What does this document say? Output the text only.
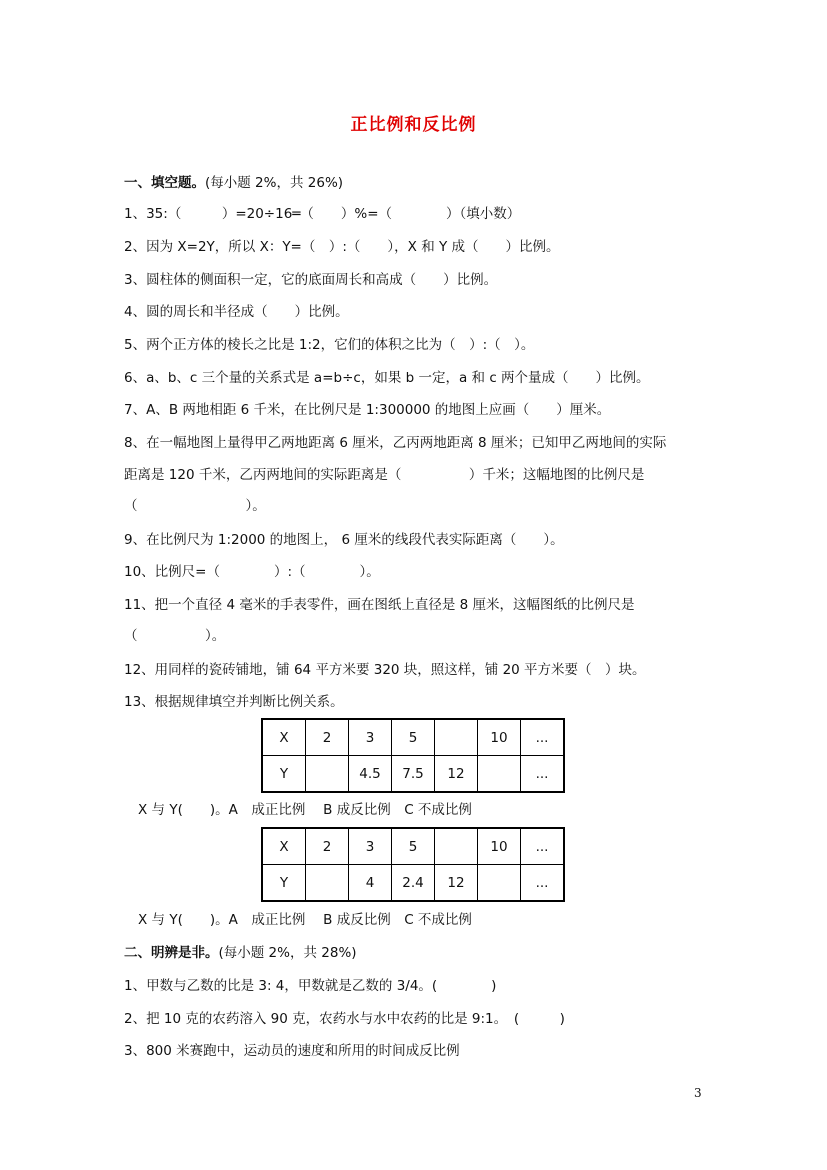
正比例和反比例
一、填空题。(每小题 2%，共 26%)
1、35:（　　　）=20÷16═（　　）%=（　　　　）（填小数）
2、因为 X=2Y，所以 X：Y=（　）:（　　），X 和 Y 成（　　）比例。
3、圆柱体的侧面积一定，它的底面周长和高成（　　）比例。
4、圆的周长和半径成（　　）比例。
5、两个正方体的棱长之比是 1:2，它们的体积之比为（　）:（　）。
6、a、b、c 三个量的关系式是 a=b÷c，如果 b 一定，a 和 c 两个量成（　　）比例。
7、A、B 两地相距 6 千米，在比例尺是 1:300000 的地图上应画（　　）厘米。
8、在一幅地图上量得甲乙两地距离 6 厘米，乙丙两地距离 8 厘米；已知甲乙两地间的实际
距离是 120 千米，乙丙两地间的实际距离是（　　　　　）千米；这幅地图的比例尺是
（　　　　　　　　）。
9、在比例尺为 1:2000 的地图上， 6 厘米的线段代表实际距离（　　）。
10、比例尺=（　　　　）:（　　　　）。
11、把一个直径 4 毫米的手表零件，画在图纸上直径是 8 厘米，这幅图纸的比例尺是
（　　　　　）。
12、用同样的瓷砖铺地，铺 64 平方米要 320 块，照这样，铺 20 平方米要（　）块。
13、根据规律填空并判断比例关系。
X	2	3	5		10	...
Y		4.5	7.5	12		...
X 与 Y(　　)。A　成正比例　 B 成反比例　C 不成比例
X	2	3	5		10	...
Y		4	2.4	12		...
X 与 Y(　　)。A　成正比例　 B 成反比例　C 不成比例
二、明辨是非。(每小题 2%，共 28%)
1、甲数与乙数的比是 3: 4，甲数就是乙数的 3/4。(　　　　)
2、把 10 克的农药溶入 90 克，农药水与水中农药的比是 9:1。　(　　　)
3、800 米赛跑中，运动员的速度和所用的时间成反比例
3
